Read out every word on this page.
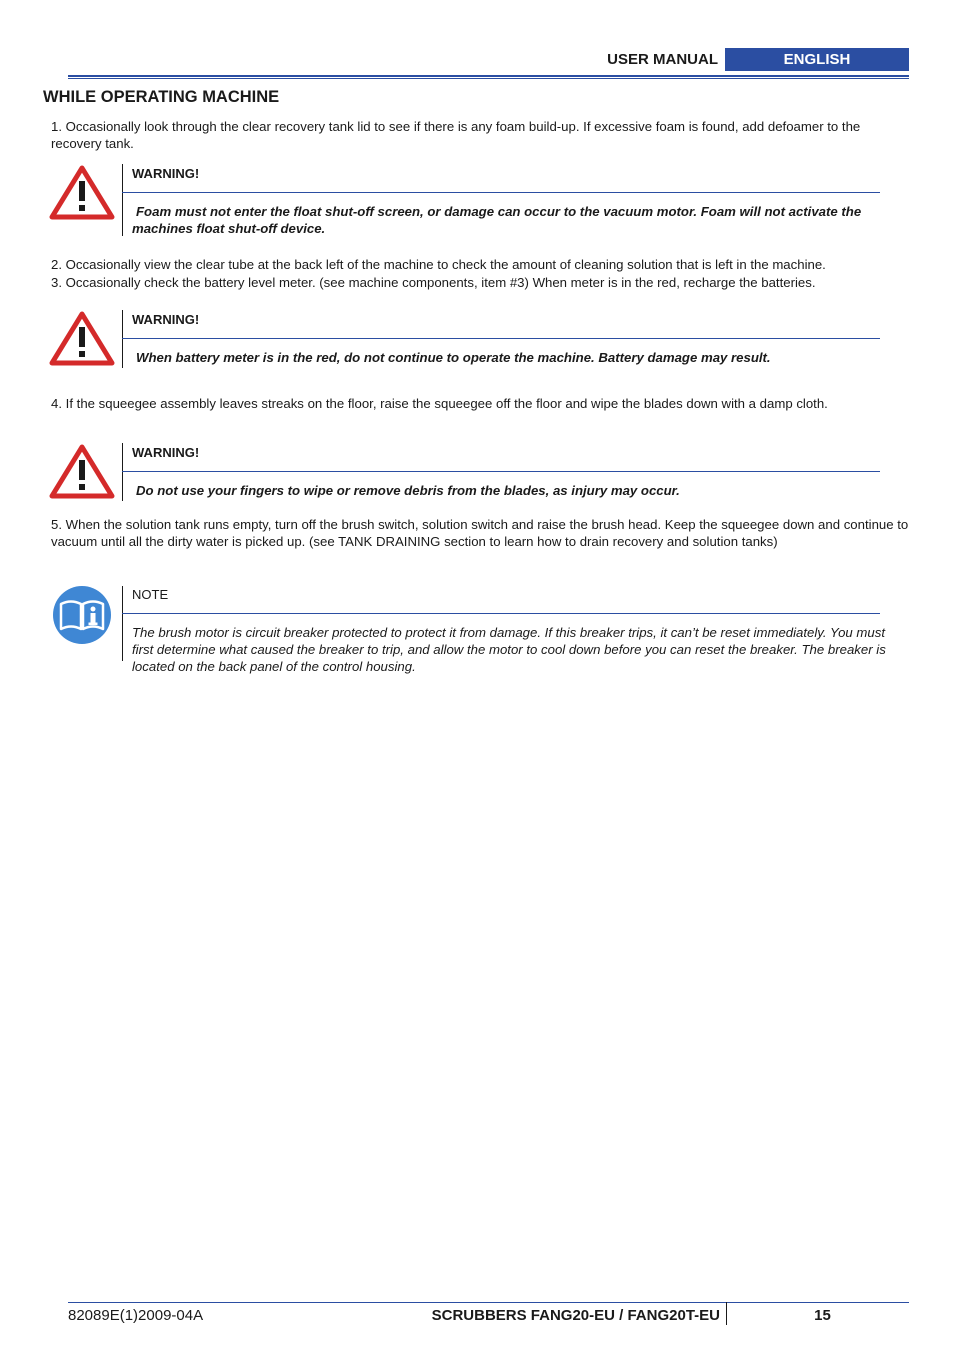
USER MANUAL	ENGLISH
WHILE OPERATING MACHINE
1. Occasionally look through the clear recovery tank lid to see if there is any foam build-up. If excessive foam is found, add defoamer to the recovery tank.
WARNING!
Foam must not enter the float shut-off screen, or damage can occur to the vacuum motor. Foam will not activate the machines float shut-off device.
2. Occasionally view the clear tube at the back left of the machine to check the amount of cleaning solution that is left in the machine.
3. Occasionally check the battery level meter. (see machine components, item #3) When meter is in the red, recharge the batteries.
WARNING!
When battery meter is in the red, do not continue to operate the machine. Battery damage may result.
4. If the squeegee assembly leaves streaks on the floor, raise the squeegee off the floor and wipe the blades down with a damp cloth.
WARNING!
Do not use your fingers to wipe or remove debris from the blades, as injury may occur.
5. When the solution tank runs empty, turn off the brush switch, solution switch and raise the brush head. Keep the squeegee down and continue to vacuum until all the dirty water is picked up. (see TANK DRAINING section to learn how to drain recovery and solution tanks)
NOTE
The brush motor is circuit breaker protected to protect it from damage. If this breaker trips, it can’t be reset immediately. You must first determine what caused the breaker to trip, and allow the motor to cool down before you can reset the breaker. The breaker is located on the back panel of the control housing.
82089E(1)2009-04A	SCRUBBERS FANG20-EU / FANG20T-EU	15
